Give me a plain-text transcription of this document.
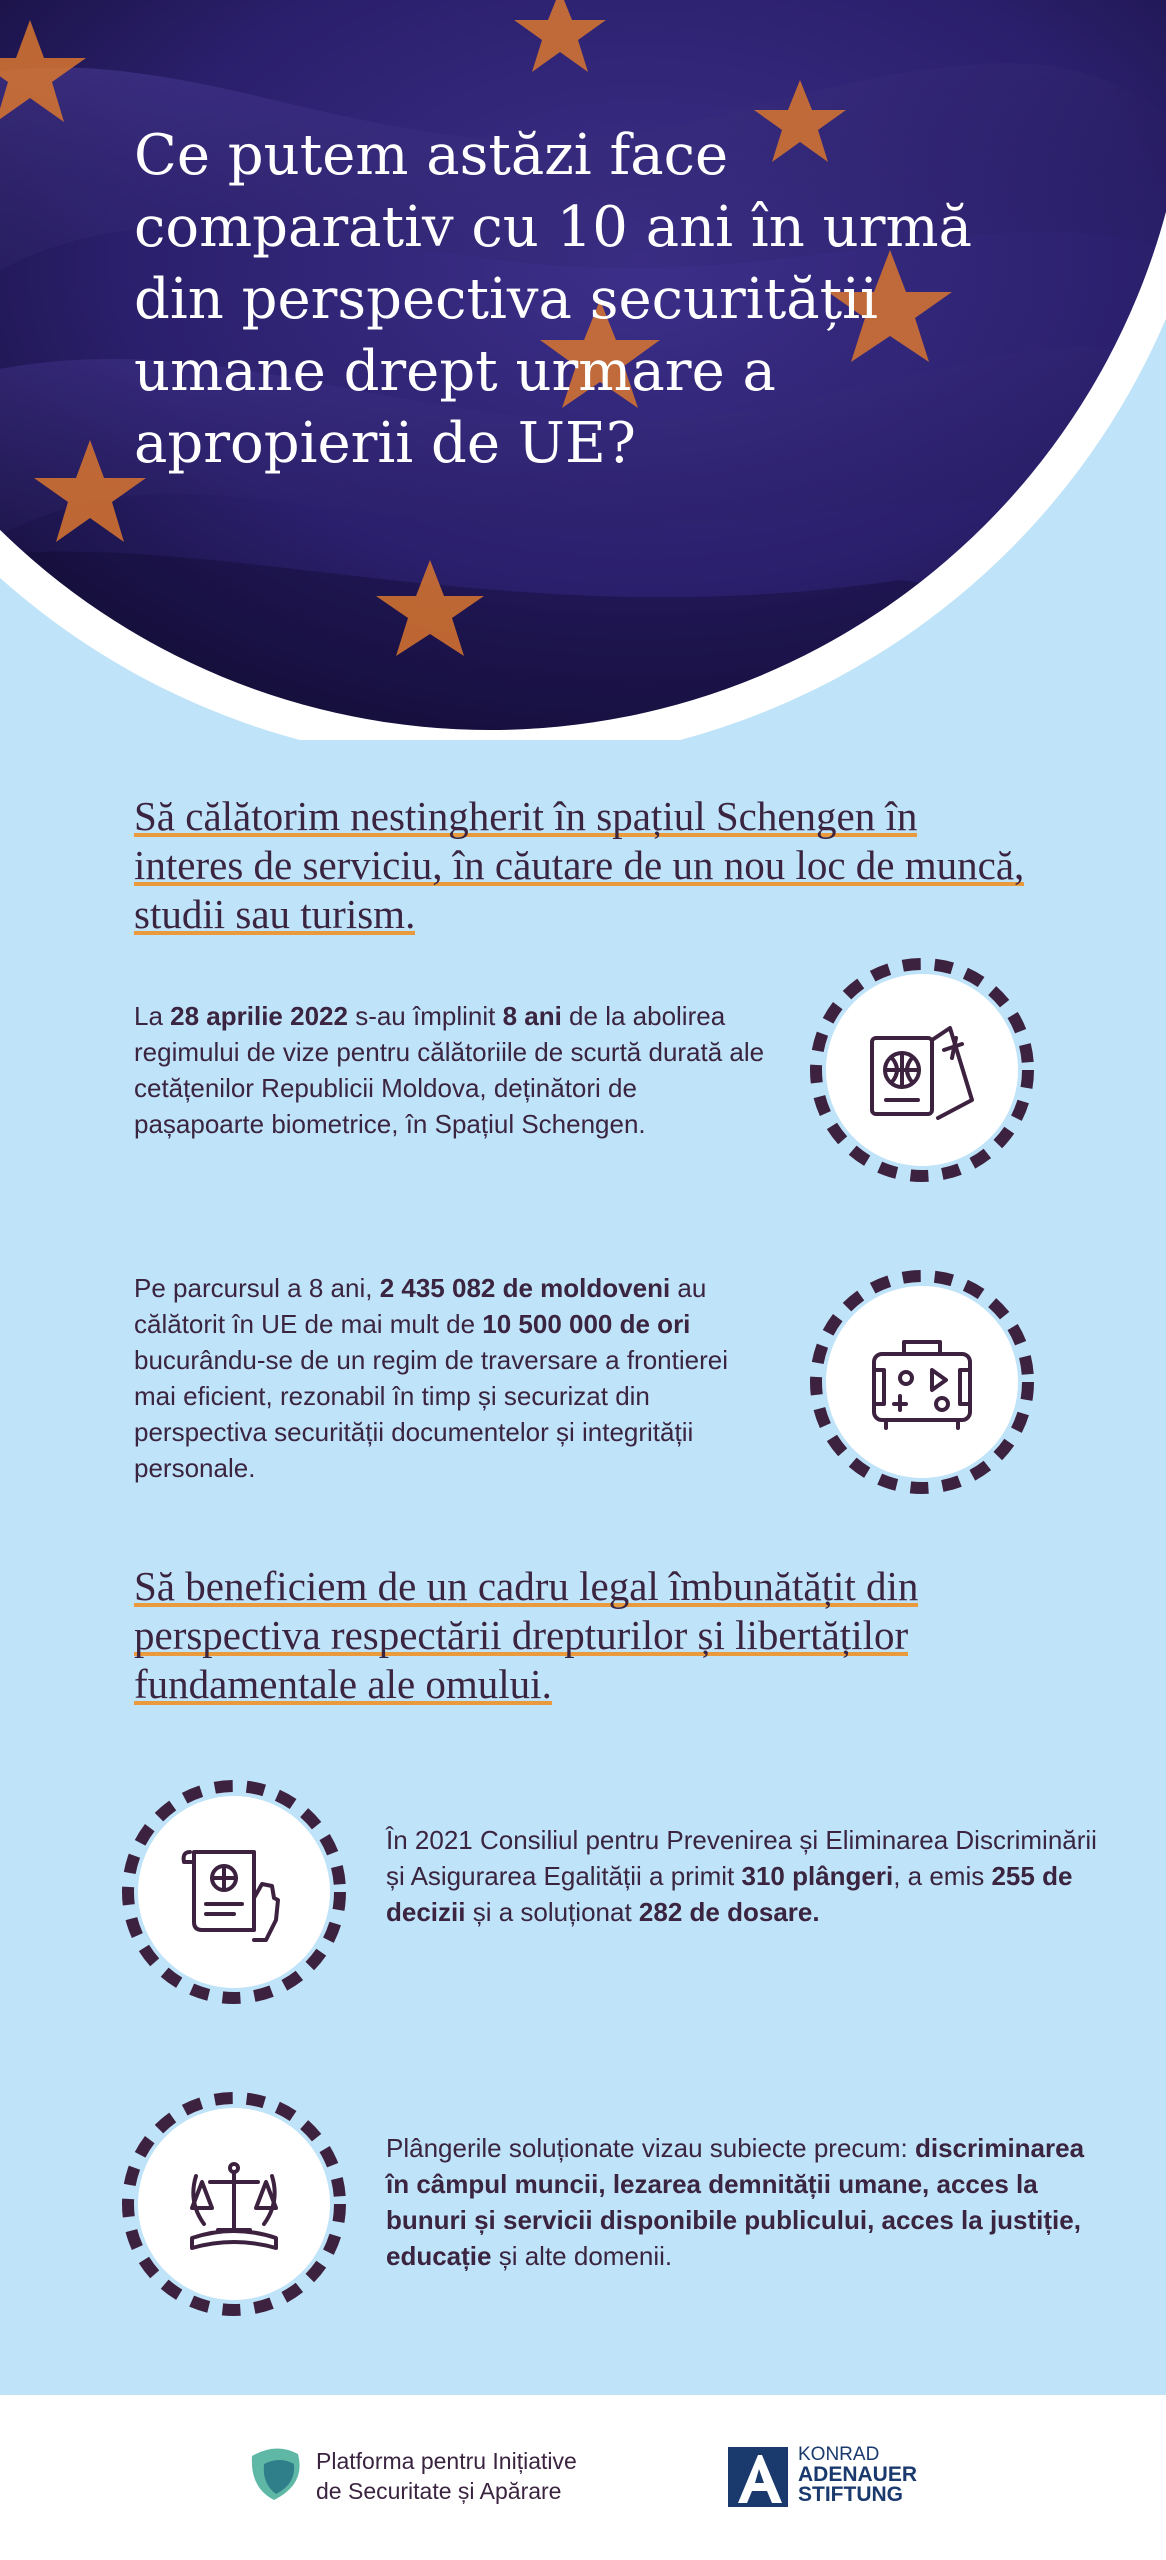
Ce putem astăzi face comparativ cu 10 ani în urmă din perspectiva securității umane drept urmare a apropierii de UE?
Să călătorim nestingherit în spațiul Schengen în interes de serviciu, în căutare de un nou loc de muncă, studii sau turism.

La 28 aprilie 2022 s-au împlinit 8 ani de la abolirea regimului de vize pentru călătoriile de scurtă durată ale cetățenilor Republicii Moldova, deținători de pașapoarte biometrice, în Spațiul Schengen.

Pe parcursul a 8 ani, 2 435 082 de moldoveni au călătorit în UE de mai mult de 10 500 000 de ori bucurându-se de un regim de traversare a frontierei mai eficient, rezonabil în timp și securizat din perspectiva securității documentelor și integrității personale.

Să beneficiem de un cadru legal îmbunătățit din perspectiva respectării drepturilor și libertăților fundamentale ale omului.

În 2021 Consiliul pentru Prevenirea și Eliminarea Discriminării și Asigurarea Egalității a primit 310 plângeri, a emis 255 de decizii și a soluționat 282 de dosare.

Plângerile soluționate vizau subiecte precum: discriminarea în câmpul muncii, lezarea demnității umane, acces la bunuri și servicii disponibile publicului, acces la justiție, educație și alte domenii.

Platforma pentru Inițiative
de Securitate și Apărare
KONRAD
ADENAUER
STIFTUNG
